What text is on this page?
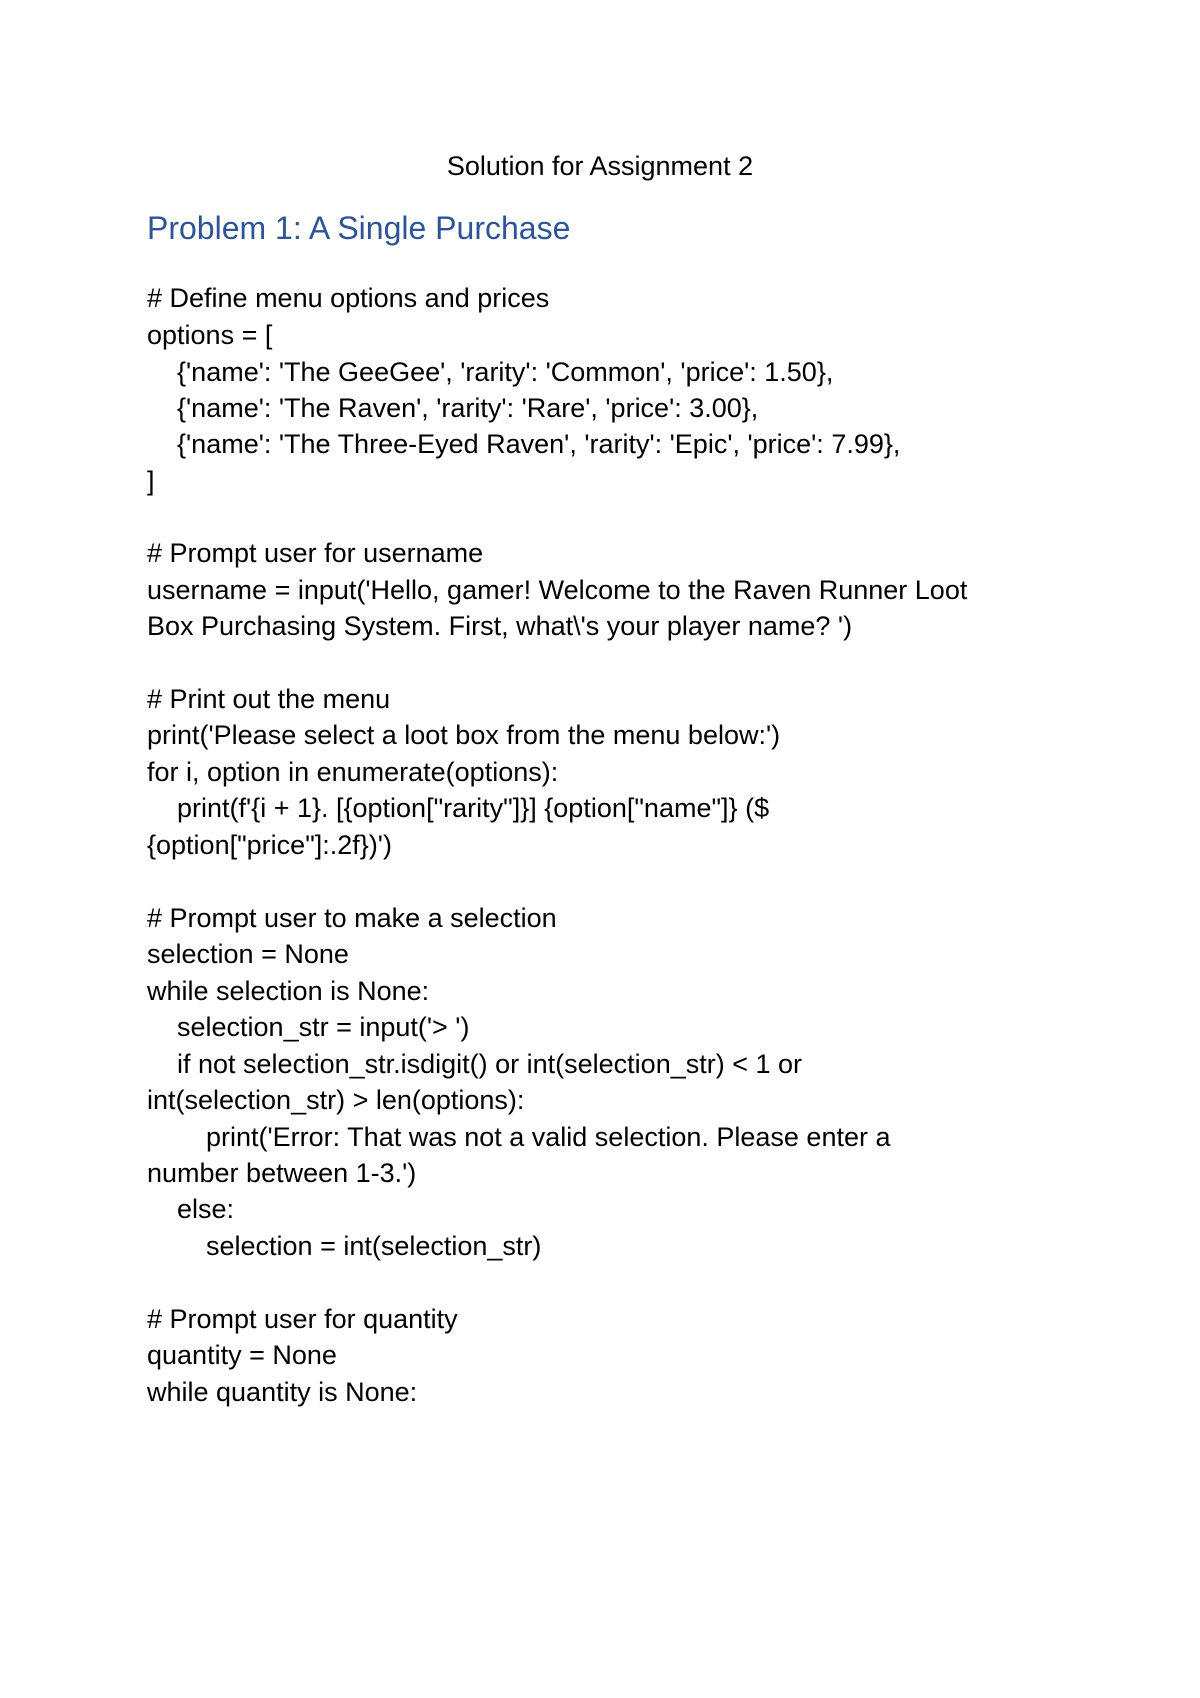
Solution for Assignment 2
Problem 1: A Single Purchase
# Define menu options and prices
options = [
{'name': 'The GeeGee', 'rarity': 'Common', 'price': 1.50},
{'name': 'The Raven', 'rarity': 'Rare', 'price': 3.00},
{'name': 'The Three-Eyed Raven', 'rarity': 'Epic', 'price': 7.99},
]
# Prompt user for username
username = input('Hello, gamer! Welcome to the Raven Runner Loot
Box Purchasing System. First, what\'s your player name? ')
# Print out the menu
print('Please select a loot box from the menu below:')
for i, option in enumerate(options):
print(f'{i + 1}. [{option["rarity"]}] {option["name"]} ($
{option["price"]:.2f})')
# Prompt user to make a selection
selection = None
while selection is None:
selection_str = input('> ')
if not selection_str.isdigit() or int(selection_str) < 1 or
int(selection_str) > len(options):
print('Error: That was not a valid selection. Please enter a
number between 1-3.')
else:
selection = int(selection_str)
# Prompt user for quantity
quantity = None
while quantity is None:
